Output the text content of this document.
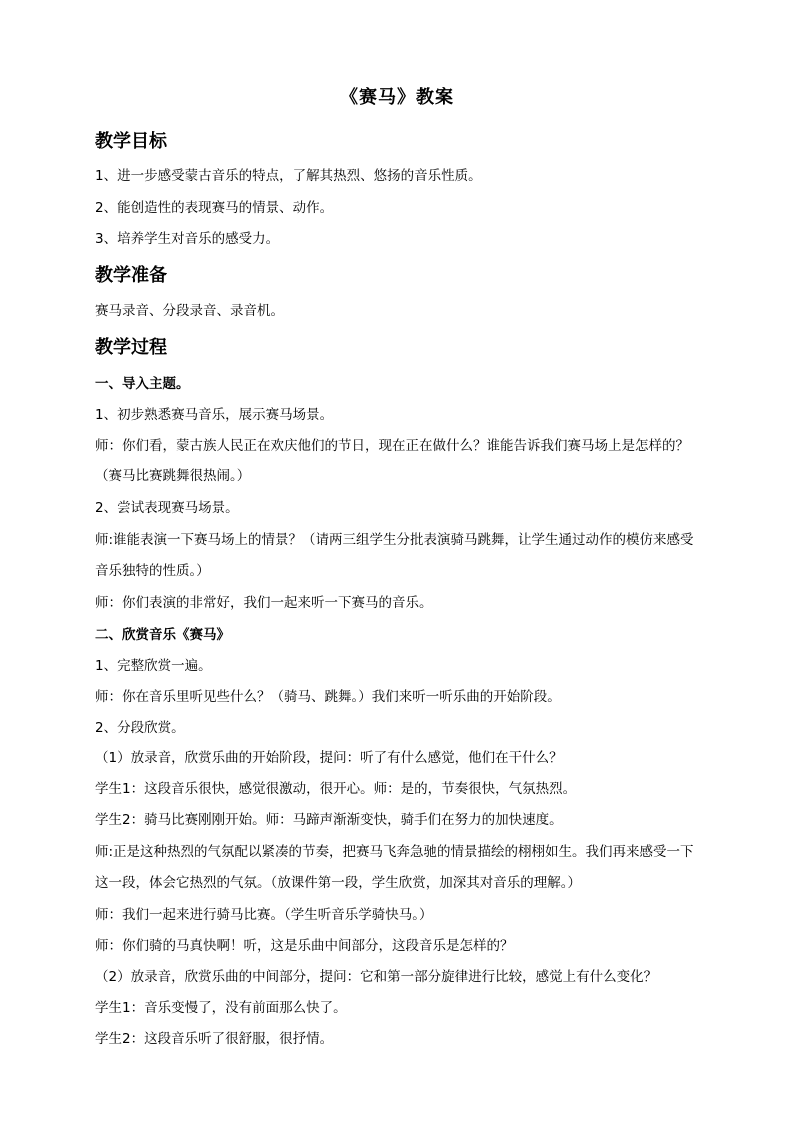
《赛马》教案
教学目标
1、进一步感受蒙古音乐的特点，了解其热烈、悠扬的音乐性质。
2、能创造性的表现赛马的情景、动作。
3、培养学生对音乐的感受力。
教学准备
赛马录音、分段录音、录音机。
教学过程
一、导入主题。
1、初步熟悉赛马音乐，展示赛马场景。
师：你们看，蒙古族人民正在欢庆他们的节日，现在正在做什么？谁能告诉我们赛马场上是怎样的？
（赛马比赛跳舞很热闹。）
2、尝试表现赛马场景。
师:谁能表演一下赛马场上的情景？（请两三组学生分批表演骑马跳舞，让学生通过动作的模仿来感受
音乐独特的性质。）
师：你们表演的非常好，我们一起来听一下赛马的音乐。
二、欣赏音乐《赛马》
1、完整欣赏一遍。
师：你在音乐里听见些什么？（骑马、跳舞。）我们来听一听乐曲的开始阶段。
2、分段欣赏。
（1）放录音，欣赏乐曲的开始阶段，提问：听了有什么感觉，他们在干什么？
学生1：这段音乐很快，感觉很激动，很开心。师：是的，节奏很快，气氛热烈。
学生2：骑马比赛刚刚开始。师：马蹄声渐渐变快，骑手们在努力的加快速度。
师:正是这种热烈的气氛配以紧凑的节奏，把赛马飞奔急驰的情景描绘的栩栩如生。我们再来感受一下
这一段，体会它热烈的气氛。（放课件第一段，学生欣赏，加深其对音乐的理解。）
师：我们一起来进行骑马比赛。（学生听音乐学骑快马。）
师：你们骑的马真快啊！听，这是乐曲中间部分，这段音乐是怎样的？
（2）放录音，欣赏乐曲的中间部分，提问：它和第一部分旋律进行比较，感觉上有什么变化？
学生1：音乐变慢了，没有前面那么快了。
学生2：这段音乐听了很舒服，很抒情。
